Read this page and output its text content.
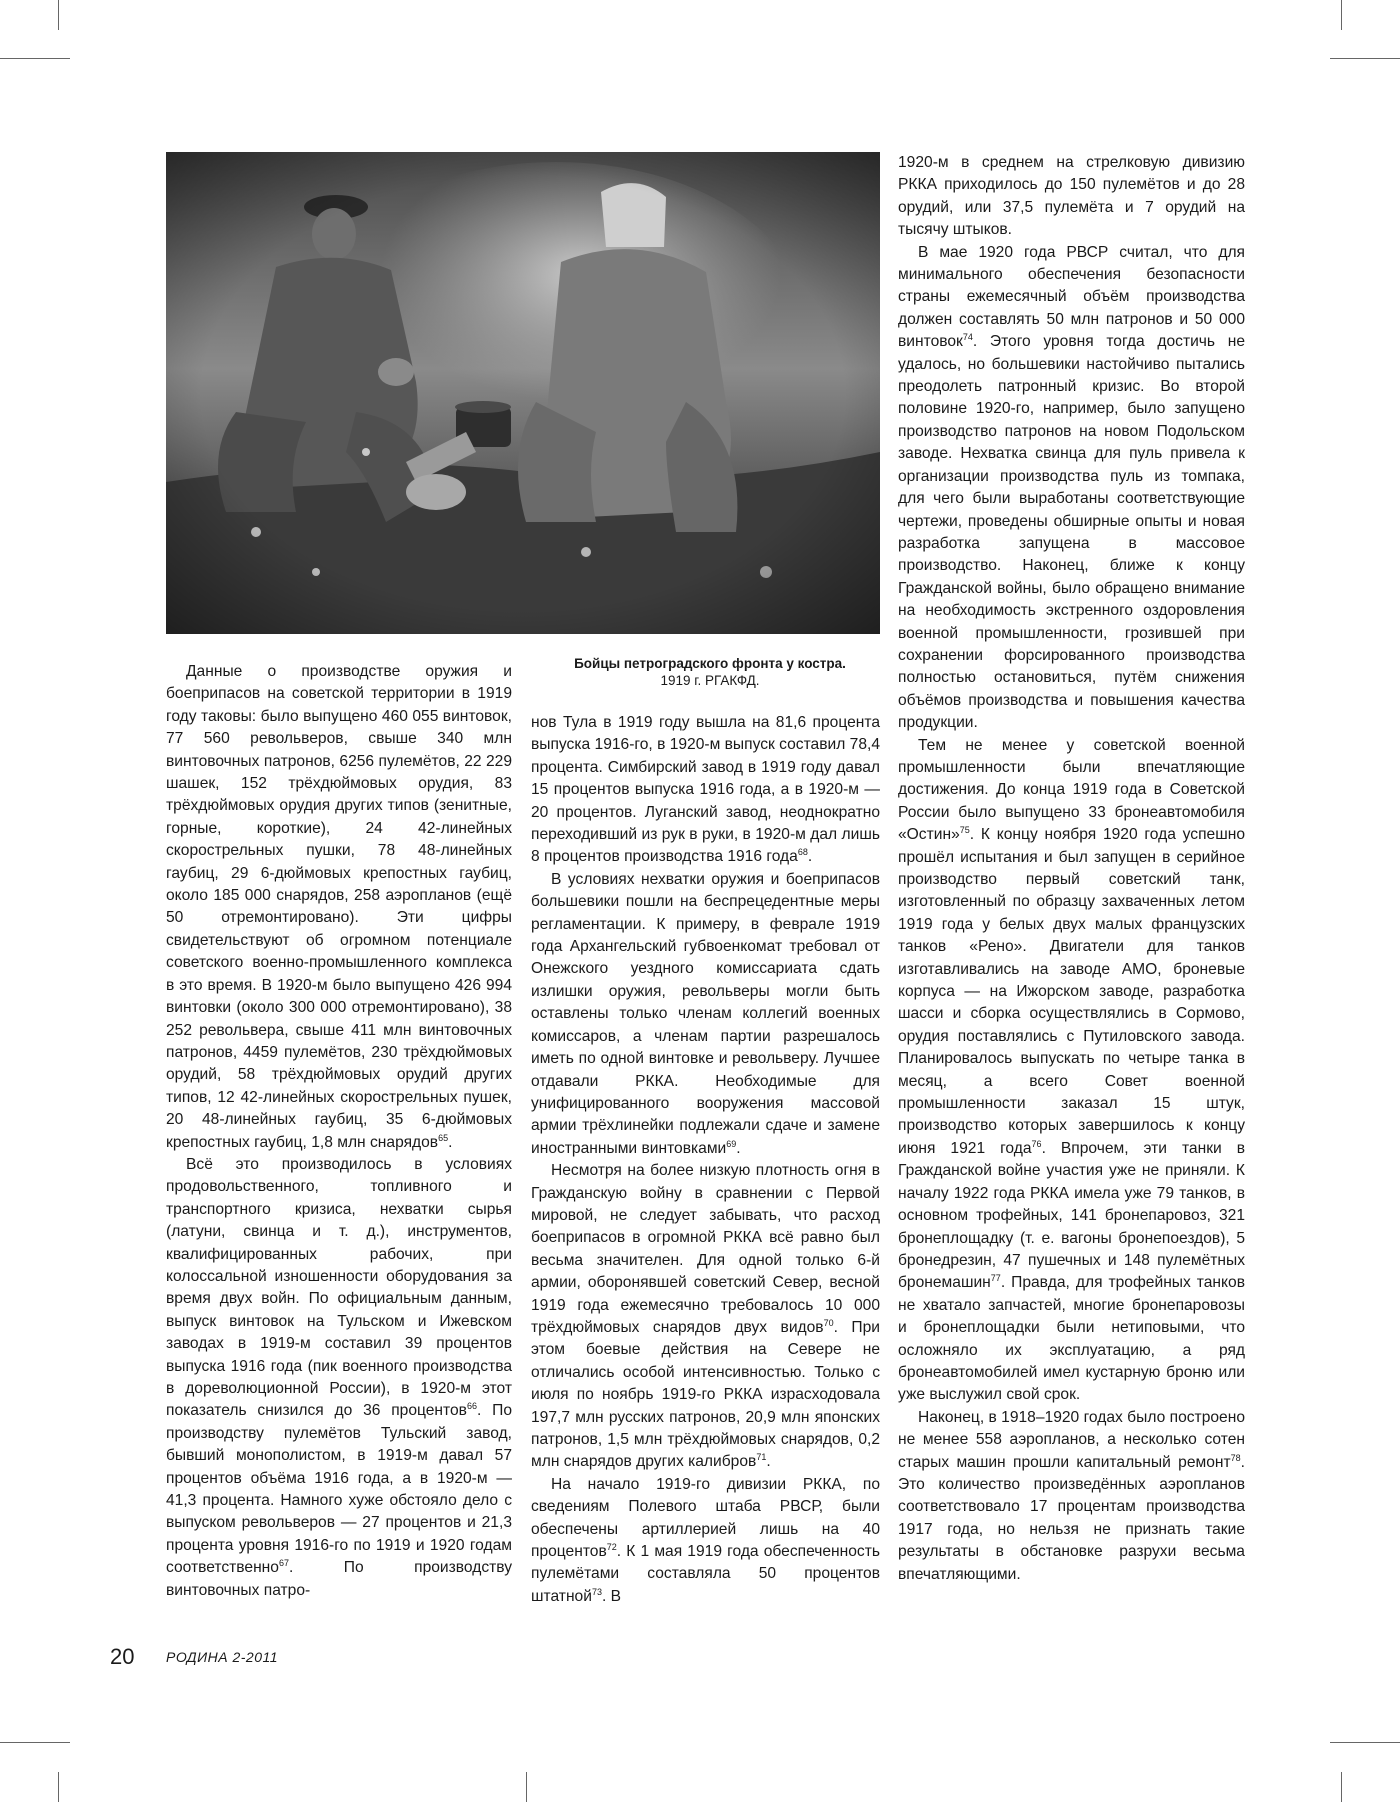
Бойцы петроградского фронта у костра.
1919 г. РГАКФД.

Данные о производстве оружия и боеприпасов на советской территории в 1919 году таковы: было выпущено 460 055 винтовок, 77 560 револьверов, свыше 340 млн винтовочных патронов, 6256 пулемётов, 22 229 шашек, 152 трёхдюймовых орудия, 83 трёхдюймовых орудия других типов (зенитные, горные, короткие), 24 42-линейных скорострельных пушки, 78 48-линейных гаубиц, 29 6-дюймовых крепостных гаубиц, около 185 000 снарядов, 258 аэропланов (ещё 50 отремонтировано). Эти цифры свидетельствуют об огромном потенциале советского военно-промышленного комплекса в это время. В 1920-м было выпущено 426 994 винтовки (около 300 000 отремонтировано), 38 252 револьвера, свыше 411 млн винтовочных патронов, 4459 пулемётов, 230 трёхдюймовых орудий, 58 трёхдюймовых орудий других типов, 12 42-линейных скорострельных пушек, 20 48-линейных гаубиц, 35 6-дюймовых крепостных гаубиц, 1,8 млн снарядов$^{65}$.

Всё это производилось в условиях продовольственного, топливного и транспортного кризиса, нехватки сырья (латуни, свинца и т. д.), инструментов, квалифицированных рабочих, при колоссальной изношенности оборудования за время двух войн. По официальным данным, выпуск винтовок на Тульском и Ижевском заводах в 1919-м составил 39 процентов выпуска 1916 года (пик военного производства в дореволюционной России), в 1920-м этот показатель снизился до 36 процентов$^{66}$. По производству пулемётов Тульский завод, бывший монополистом, в 1919-м давал 57 процентов объёма 1916 года, а в 1920-м — 41,3 процента. Намного хуже обстояло дело с выпуском револьверов — 27 процентов и 21,3 процента уровня 1916-го по 1919 и 1920 годам соответственно$^{67}$. По производству винтовочных патро-

нов Тула в 1919 году вышла на 81,6 процента выпуска 1916-го, в 1920-м выпуск составил 78,4 процента. Симбирский завод в 1919 году давал 15 процентов выпуска 1916 года, а в 1920-м — 20 процентов. Луганский завод, неоднократно переходивший из рук в руки, в 1920-м дал лишь 8 процентов производства 1916 года$^{68}$.

В условиях нехватки оружия и боеприпасов большевики пошли на беспрецедентные меры регламентации. К примеру, в феврале 1919 года Архангельский губвоенкомат требовал от Онежского уездного комиссариата сдать излишки оружия, револьверы могли быть оставлены только членам коллегий военных комиссаров, а членам партии разрешалось иметь по одной винтовке и револьверу. Лучшее отдавали РККА. Необходимые для унифицированного вооружения массовой армии трёхлинейки подлежали сдаче и замене иностранными винтовками$^{69}$.

Несмотря на более низкую плотность огня в Гражданскую войну в сравнении с Первой мировой, не следует забывать, что расход боеприпасов в огромной РККА всё равно был весьма значителен. Для одной только 6-й армии, оборонявшей советский Север, весной 1919 года ежемесячно требовалось 10 000 трёхдюймовых снарядов двух видов$^{70}$. При этом боевые действия на Севере не отличались особой интенсивностью. Только с июля по ноябрь 1919-го РККА израсходовала 197,7 млн русских патронов, 20,9 млн японских патронов, 1,5 млн трёхдюймовых снарядов, 0,2 млн снарядов других калибров$^{71}$.

На начало 1919-го дивизии РККА, по сведениям Полевого штаба РВСР, были обеспечены артиллерией лишь на 40 процентов$^{72}$. К 1 мая 1919 года обеспеченность пулемётами составляла 50 процентов штатной$^{73}$. В

1920-м в среднем на стрелковую дивизию РККА приходилось до 150 пулемётов и до 28 орудий, или 37,5 пулемёта и 7 орудий на тысячу штыков.

В мае 1920 года РВСР считал, что для минимального обеспечения безопасности страны ежемесячный объём производства должен составлять 50 млн патронов и 50 000 винтовок$^{74}$. Этого уровня тогда достичь не удалось, но большевики настойчиво пытались преодолеть патронный кризис. Во второй половине 1920-го, например, было запущено производство патронов на новом Подольском заводе. Нехватка свинца для пуль привела к организации производства пуль из томпака, для чего были выработаны соответствующие чертежи, проведены обширные опыты и новая разработка запущена в массовое производство. Наконец, ближе к концу Гражданской войны, было обращено внимание на необходимость экстренного оздоровления военной промышленности, грозившей при сохранении форсированного производства полностью остановиться, путём снижения объёмов производства и повышения качества продукции.

Тем не менее у советской военной промышленности были впечатляющие достижения. До конца 1919 года в Советской России было выпущено 33 бронеавтомобиля «Остин»$^{75}$. К концу ноября 1920 года успешно прошёл испытания и был запущен в серийное производство первый советский танк, изготовленный по образцу захваченных летом 1919 года у белых двух малых французских танков «Рено». Двигатели для танков изготавливались на заводе АМО, броневые корпуса — на Ижорском заводе, разработка шасси и сборка осуществлялись в Сормово, орудия поставлялись с Путиловского завода. Планировалось выпускать по четыре танка в месяц, а всего Совет военной промышленности заказал 15 штук, производство которых завершилось к концу июня 1921 года$^{76}$. Впрочем, эти танки в Гражданской войне участия уже не приняли. К началу 1922 года РККА имела уже 79 танков, в основном трофейных, 141 бронепаровоз, 321 бронеплощадку (т. е. вагоны бронепоездов), 5 бронедрезин, 47 пушечных и 148 пулемётных бронемашин$^{77}$. Правда, для трофейных танков не хватало запчастей, многие бронепаровозы и бронеплощадки были нетиповыми, что осложняло их эксплуатацию, а ряд бронеавтомобилей имел кустарную броню или уже выслужил свой срок.

Наконец, в 1918–1920 годах было построено не менее 558 аэропланов, а несколько сотен старых машин прошли капитальный ремонт$^{78}$. Это количество произведённых аэропланов соответствовало 17 процентам производства 1917 года, но нельзя не признать такие результаты в обстановке разрухи весьма впечатляющими.

20 РОДИНА 2-2011
